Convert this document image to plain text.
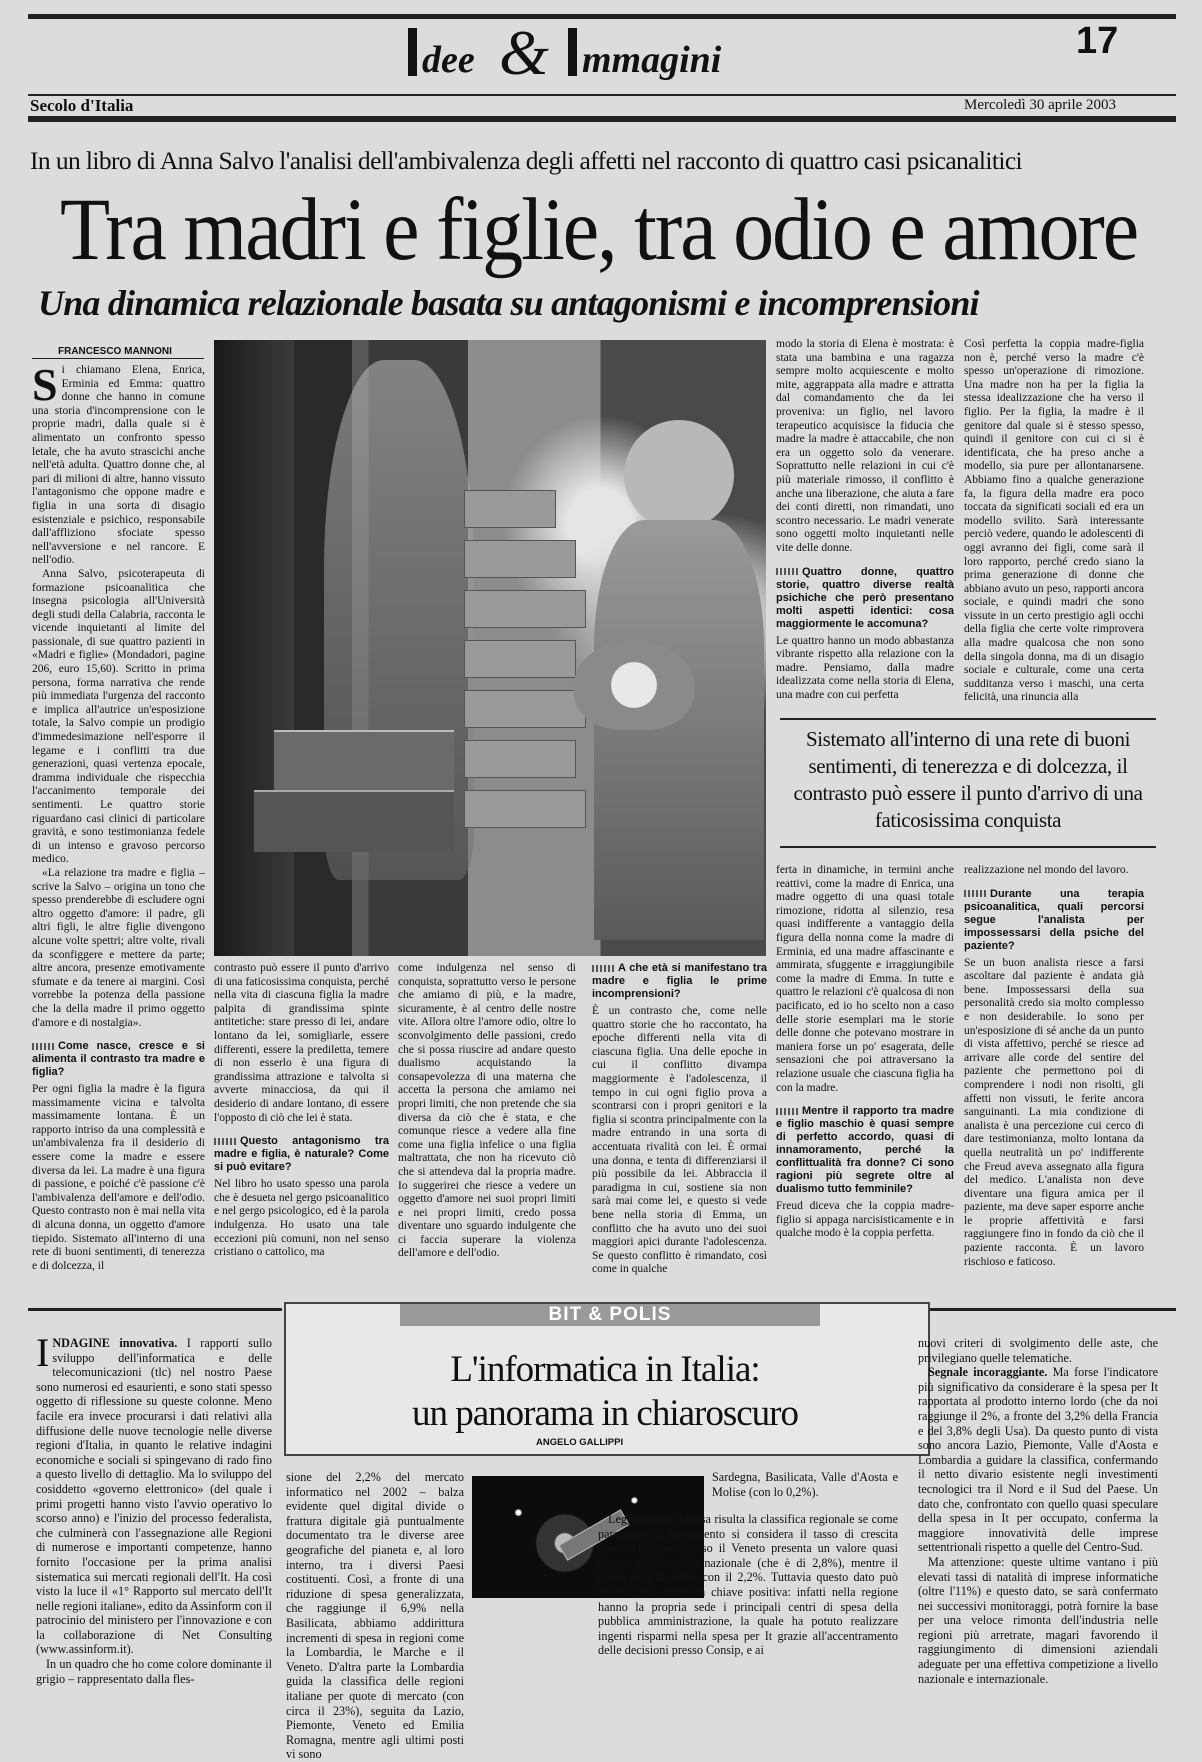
dee & mmagini	17
Secolo d'Italia	Mercoledì 30 aprile 2003
In un libro di Anna Salvo l'analisi dell'ambivalenza degli affetti nel racconto di quattro casi psicanalitici
Tra madri e figlie, tra odio e amore
Una dinamica relazionale basata su antagonismi e incomprensioni
FRANCESCO MANNONI
S i chiamano Elena, Enrica, Erminia ed Emma: quattro donne che hanno in comune una storia d'incomprensione con le proprie madri, dalla quale si è alimentato un confronto spesso letale, che ha avuto strascichi anche nell'età adulta. Quattro donne che, al pari di milioni di altre, hanno vissuto l'antagonismo che oppone madre e figlia in una sorta di disagio esistenziale e psichico, responsabile dall'affliziono sfociate spesso nell'avversione e nel rancore. E nell'odio.

Anna Salvo, psicoterapeuta di formazione psicoanalitica che insegna psicologia all'Università degli studi della Calabria, racconta le vicende inquietanti al limite del passionale, di sue quattro pazienti in «Madri e figlie» (Mondadori, pagine 206, euro 15,60). Scritto in prima persona, forma narrativa che rende più immediata l'urgenza del racconto e implica all'autrice un'esposizione totale, la Salvo compie un prodigio d'immedesimazione nell'esporre il legame e i conflitti tra due generazioni, quasi vertenza epocale, dramma individuale che rispecchia l'accanimento temporale dei sentimenti. Le quattro storie riguardano casi clinici di particolare gravità, e sono testimonianza fedele di un intenso e gravoso percorso medico.

«La relazione tra madre e figlia – scrive la Salvo – origina un tono che spesso prenderebbe di escludere ogni altro oggetto d'amore: il padre, gli altri figli, le altre figlie divengono alcune volte spettri; altre volte, rivali da sconfiggere e mettere da parte; altre ancora, presenze emotivamente sfumate e da tenere ai margini. Così vorrebbe la potenza della passione che la della madre il primo oggetto d'amore e di nostalgia».

Come nasce, cresce e si alimenta il contrasto tra madre e figlia?

Per ogni figlia la madre è la figura massimamente vicina e talvolta massimamente lontana. È un rapporto intriso da una complessità e un'ambivalenza fra il desiderio di essere come la madre e essere diversa da lei. La madre è una figura di passione, e poiché c'è passione c'è l'ambivalenza dell'amore e dell'odio. Questo contrasto non è mai nella vita di alcuna donna, un oggetto d'amore tiepido. Sistemato all'interno di una rete di buoni sentimenti, di tenerezza e di dolcezza, il

contrasto può essere il punto d'arrivo di una faticosissima conquista, perché nella vita di ciascuna figlia la madre palpita di grandissima spinte antitetiche: stare presso di lei, andare lontano da lei, somigliarle, essere differenti, essere la prediletta, temere di non esserlo è una figura di grandissima attrazione e talvolta si avverte minacciosa, da qui il desiderio di andare lontano, di essere l'opposto di ciò che lei è stata.

Questo antagonismo tra madre e figlia, è naturale? Come si può evitare?

Nel libro ho usato spesso una parola che è desueta nel gergo psicoanalitico e nel gergo psicologico, ed è la parola indulgenza. Ho usato una tale eccezioni più comuni, non nel senso cristiano o cattolico, ma

come indulgenza nel senso di conquista, soprattutto verso le persone che amiamo di più, e la madre, sicuramente, è al centro delle nostre vite. Allora oltre l'amore odio, oltre lo sconvolgimento delle passioni, credo che si possa riuscire ad andare questo dualismo acquistando la consapevolezza di una materna che accetta la persona che amiamo nei propri limiti, che non pretende che sia diversa da ciò che è stata, e che comunque riesce a vedere alla fine come una figlia infelice o una figlia maltrattata, che non ha ricevuto ciò che si attendeva dal la propria madre. Io suggerirei che riesce a vedere un oggetto d'amore nei suoi propri limiti e nei propri limiti, credo possa diventare uno sguardo indulgente che ci faccia superare la violenza dell'amore e dell'odio.

A che età si manifestano tra madre e figlia le prime incomprensioni?

È un contrasto che, come nelle quattro storie che ho raccontato, ha epoche differenti nella vita di ciascuna figlia. Una delle epoche in cui il conflitto divampa maggiormente è l'adolescenza, il tempo in cui ogni figlio prova a scontrarsi con i propri genitori e la figlia si scontra principalmente con la madre entrando in una sorta di accentuata rivalità con lei. È ormai una donna, e tenta di differenziarsi il più possibile da lei. Abbraccia il paradigma in cui, sostiene sia non sarà mai come lei, e questo si vede bene nella storia di Emma, un conflitto che ha avuto uno dei suoi maggiori apici durante l'adolescenza. Se questo conflitto è rimandato, così come in qualche

modo la storia di Elena è mostrata: è stata una bambina e una ragazza sempre molto acquiescente e molto mite, aggrappata alla madre e attratta dal comandamento che da lei proveniva: un figlio, nel lavoro terapeutico acquisisce la fiducia che madre la madre è attaccabile, che non era un oggetto solo da venerare. Soprattutto nelle relazioni in cui c'è più materiale rimosso, il conflitto è anche una liberazione, che aiuta a fare dei conti diretti, non rimandati, uno scontro necessario. Le madri venerate sono oggetti molto inquietanti nelle vite delle donne.

Quattro donne, quattro storie, quattro diverse realtà psichiche che però presentano molti aspetti identici: cosa maggiormente le accomuna?

Le quattro hanno un modo abbastanza vibrante rispetto alla relazione con la madre. Pensiamo, dalla madre idealizzata come nella storia di Elena, una madre con cui perfetta

Così perfetta la coppia madre-figlia non è, perché verso la madre c'è spesso un'operazione di rimozione. Una madre non ha per la figlia la stessa idealizzazione che ha verso il figlio. Per la figlia, la madre è il genitore dal quale si è stesso spesso, quindi il genitore con cui ci si è identificata, che ha preso anche a modello, sia pure per allontanarsene. Abbiamo fino a qualche generazione fa, la figura della madre era poco toccata da significati sociali ed era un modello svilito. Sarà interessante perciò vedere, quando le adolescenti di oggi avranno dei figli, come sarà il loro rapporto, perché credo siano la prima generazione di donne che abbiano avuto un peso, rapporti ancora sociale, e quindi madri che sono vissute in un certo prestigio agli occhi della figlia che certe volte rimprovera alla madre qualcosa che non sono della singola donna, ma di un disagio sociale e culturale, come una certa sudditanza verso i maschi, una certa felicità, una rinuncia alla

Sistemato all'interno di una rete di buoni sentimenti, di tenerezza e di dolcezza, il contrasto può essere il punto d'arrivo di una faticosissima conquista

ferta in dinamiche, in termini anche reattivi, come la madre di Enrica, una madre oggetto di una quasi totale rimozione, ridotta al silenzio, resa quasi indifferente a vantaggio della figura della nonna come la madre di Erminia, ed una madre affascinante e ammirata, sfuggente e irraggiungibile come la madre di Emma. In tutte e quattro le relazioni c'è qualcosa di non pacificato, ed io ho scelto non a caso delle storie esemplari ma le storie delle donne che potevano mostrare in maniera forse un po' esagerata, delle sensazioni che poi attraversano la relazione usuale che ciascuna figlia ha con la madre.

Mentre il rapporto tra madre e figlio maschio è quasi sempre di perfetto accordo, quasi di innamoramento, perché la conflittualità fra donne? Ci sono ragioni più segrete oltre al dualismo tutto femminile?

Freud diceva che la coppia madre-figlio si appaga narcisisticamente e in qualche modo è la coppia perfetta.

realizzazione nel mondo del lavoro.

Durante una terapia psicoanalitica, quali percorsi segue l'analista per impossessarsi della psiche del paziente?

Se un buon analista riesce a farsi ascoltare dal paziente è andata già bene. Impossessarsi della sua personalità credo sia molto complesso e non desiderabile. Io sono per un'esposizione di sé anche da un punto di vista affettivo, perché se riesce ad arrivare alle corde del sentire del paziente che permettono poi di comprendere i nodi non risolti, gli affetti non vissuti, le ferite ancora sanguinanti. La mia condizione di analista è una percezione cui cerco di dare testimonianza, molto lontana da quella neutralità un po' indifferente che Freud aveva assegnato alla figura del medico. L'analista non deve diventare una figura amica per il paziente, ma deve saper esporre anche le proprie affettività e farsi raggiungere fino in fondo da ciò che il paziente racconta. È un lavoro rischioso e faticoso.

BIT & POLIS
L'informatica in Italia:
un panorama in chiaroscuro
ANGELO GALLIPPI
I NDAGINE innovativa. I rapporti sullo sviluppo dell'informatica e delle telecomunicazioni (tlc) nel nostro Paese sono numerosi ed esaurienti, e sono stati spesso oggetto di riflessione su queste colonne. Meno facile era invece procurarsi i dati relativi alla diffusione delle nuove tecnologie nelle diverse regioni d'Italia, in quanto le relative indagini economiche e sociali si spingevano di rado fino a questo livello di dettaglio. Ma lo sviluppo del cosiddetto «governo elettronico» (del quale i primi progetti hanno visto l'avvio operativo lo scorso anno) e l'inizio del processo federalista, che culminerà con l'assegnazione alle Regioni di numerose e importanti competenze, hanno fornito l'occasione per la prima analisi sistematica sui mercati regionali dell'It. Ha così visto la luce il «1° Rapporto sul mercato dell'It nelle regioni italiane», edito da Assinform con il patrocinio del ministero per l'innovazione e con la collaborazione di Net Consulting (www.assinform.it).

In un quadro che ho come colore dominante il grigio – rappresentato dalla fles-

sione del 2,2% del mercato informatico nel 2002 – balza evidente quel digital divide o frattura digitale già puntualmente documentato tra le diverse aree geografiche del pianeta e, al loro interno, tra i diversi Paesi costituenti. Così, a fronte di una riduzione di spesa generalizzata, che raggiunge il 6,9% nella Basilicata, abbiamo addirittura incrementi di spesa in regioni come la Lombardia, le Marche e il Veneto. D'altra parte la Lombardia guida la classifica delle regioni italiane per quote di mercato (con circa il 23%), seguita da Lazio, Piemonte, Veneto ed Emilia Romagna, mentre agli ultimi posti vi sono

Sardegna, Basilicata, Valle d'Aosta e Molise (con lo 0,2%).

Leggermente diversa risulta la classifica regionale se come parametro di riferimento si considera il tasso di crescita medio: in questo caso il Veneto presenta un valore quasi doppio della media nazionale (che è di 2,8%), mentre il Lazio è al di sotto, con il 2,2%. Tuttavia questo dato può essere letto anche in chiave positiva: infatti nella regione hanno la propria sede i principali centri di spesa della pubblica amministrazione, la quale ha potuto realizzare ingenti risparmi nella spesa per It grazie all'accentramento delle decisioni presso Consip, e ai

nuovi criteri di svolgimento delle aste, che privilegiano quelle telematiche.

Segnale incoraggiante. Ma forse l'indicatore più significativo da considerare è la spesa per It rapportata al prodotto interno lordo (che da noi raggiunge il 2%, a fronte del 3,2% della Francia e del 3,8% degli Usa). Da questo punto di vista sono ancora Lazio, Piemonte, Valle d'Aosta e Lombardia a guidare la classifica, confermando il netto divario esistente negli investimenti tecnologici tra il Nord e il Sud del Paese. Un dato che, confrontato con quello quasi speculare della spesa in It per occupato, conferma la maggiore innovatività delle imprese settentrionali rispetto a quelle del Centro-Sud.

Ma attenzione: queste ultime vantano i più elevati tassi di natalità di imprese informatiche (oltre l'11%) e questo dato, se sarà confermato nei successivi monitoraggi, potrà fornire la base per una veloce rimonta dell'industria nelle regioni più arretrate, magari favorendo il raggiungimento di dimensioni aziendali adeguate per una effettiva competizione a livello nazionale e internazionale.
